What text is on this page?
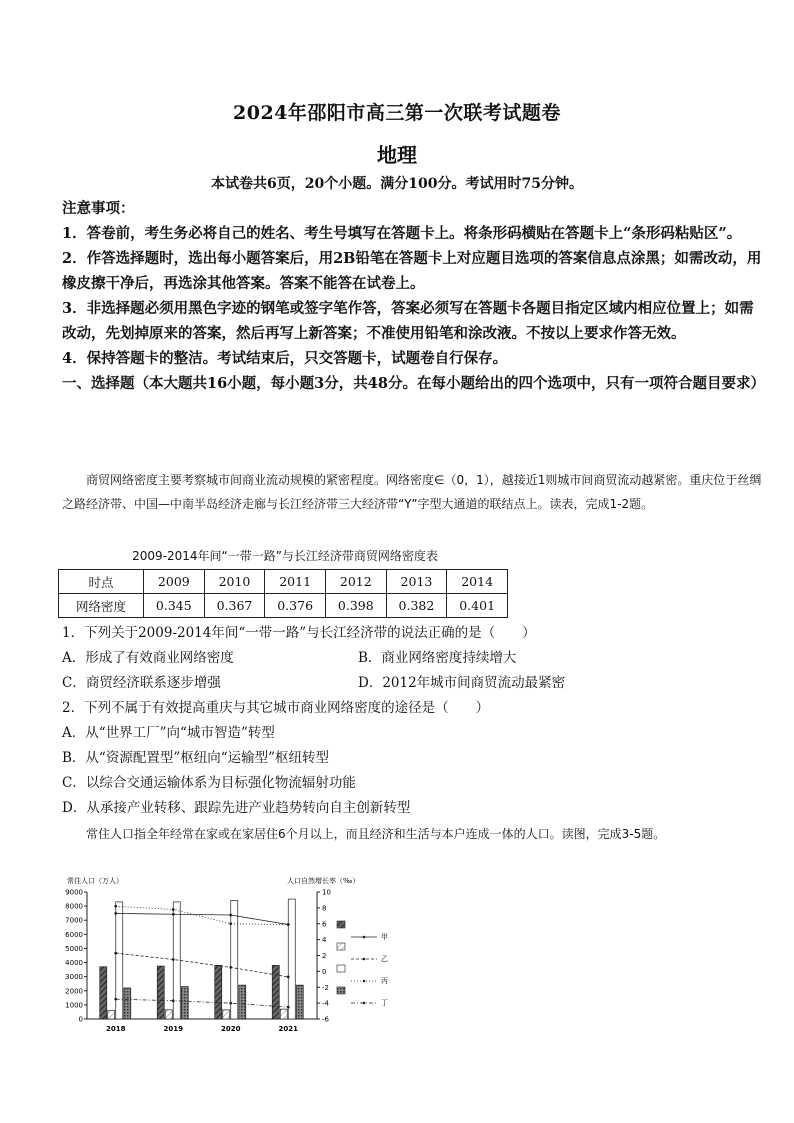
2024年邵阳市高三第一次联考试题卷
地理
本试卷共6页，20个小题。满分100分。考试用时75分钟。

注意事项：

1．答卷前，考生务必将自己的姓名、考生号填写在答题卡上。将条形码横贴在答题卡上“条形码粘贴区”。

2．作答选择题时，选出每小题答案后，用2B铅笔在答题卡上对应题目选项的答案信息点涂黑；如需改动，用橡皮擦干净后，再选涂其他答案。答案不能答在试卷上。

3．非选择题必须用黑色字迹的钢笔或签字笔作答，答案必须写在答题卡各题目指定区域内相应位置上；如需改动，先划掉原来的答案，然后再写上新答案；不准使用铅笔和涂改液。不按以上要求作答无效。

4．保持答题卡的整洁。考试结束后，只交答题卡，试题卷自行保存。

一、选择题（本大题共16小题，每小题3分，共48分。在每小题给出的四个选项中，只有一项符合题目要求）

商贸网络密度主要考察城市间商业流动规模的紧密程度。网络密度∈（0，1），越接近1则城市间商贸流动越紧密。重庆位于丝绸之路经济带、中国—中南半岛经济走廊与长江经济带三大经济带“Y”字型大通道的联结点上。读表，完成1-2题。
2009-2014年间“一带一路”与长江经济带商贸网络密度表
时点	2009	2010	2011	2012	2013	2014
网络密度	0.345	0.367	0.376	0.398	0.382	0.401

1．下列关于2009-2014年间“一带一路”与长江经济带的说法正确的是（　　）

A．形成了有效商业网络密度	B．商业网络密度持续增大
C．商贸经济联系逐步增强	D．2012年城市间商贸流动最紧密

2．下列不属于有效提高重庆与其它城市商业网络密度的途径是（　　）

A．从“世界工厂”向“城市智造”转型

B．从“资源配置型”枢纽向“运输型”枢纽转型

C．以综合交通运输体系为目标强化物流辐射功能

D．从承接产业转移、跟踪先进产业趋势转向自主创新转型

常住人口指全年经常在家或在家居住6个月以上，而且经济和生活与本户连成一体的人口。读图，完成3-5题。
常住人口（万人）	人口自然增长率（‰）
0
1000
2000
3000
4000
5000
6000
7000
8000
9000
-6
-4
-2
0
2
4
6
8
10
2018	2019	2020	2021
甲
乙
丙
丁
